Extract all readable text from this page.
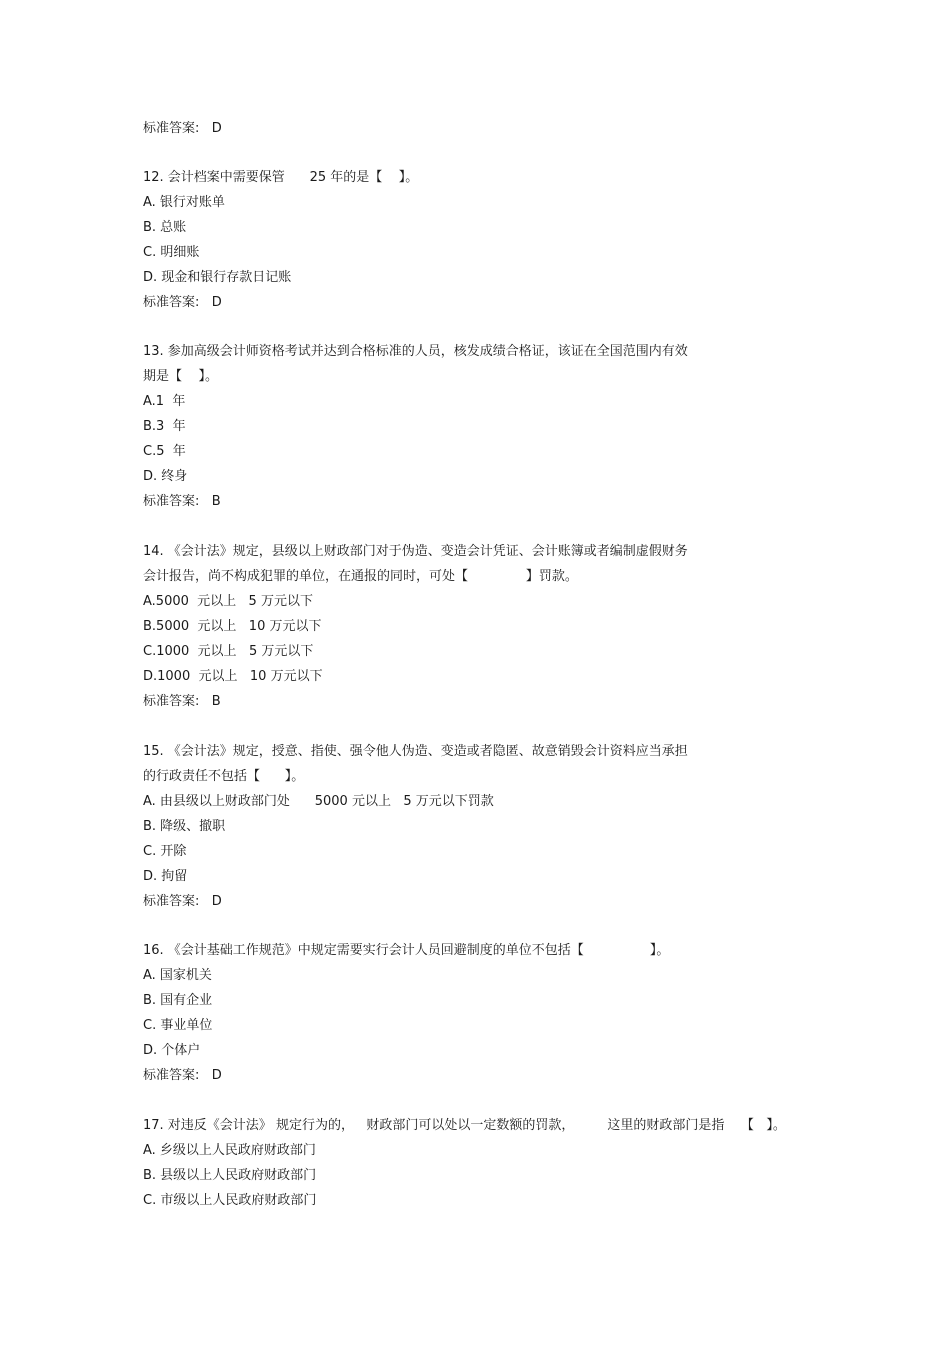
标准答案:   D
12. 会计档案中需要保管      25 年的是【    】。
A. 银行对账单
B. 总账
C. 明细账
D. 现金和银行存款日记账
标准答案:   D
13. 参加高级会计师资格考试并达到合格标准的人员，核发成绩合格证，该证在全国范围内有效
期是【    】。
A.1  年
B.3  年
C.5  年
D. 终身
标准答案:   B
14. 《会计法》规定，县级以上财政部门对于伪造、变造会计凭证、会计账簿或者编制虚假财务
会计报告，尚不构成犯罪的单位，在通报的同时，可处【              】罚款。
A.5000  元以上   5 万元以下
B.5000  元以上   10 万元以下
C.1000  元以上   5 万元以下
D.1000  元以上   10 万元以下
标准答案:   B
15. 《会计法》规定，授意、指使、强令他人伪造、变造或者隐匿、故意销毁会计资料应当承担
的行政责任不包括【      】。
A. 由县级以上财政部门处      5000 元以上   5 万元以下罚款
B. 降级、撤职
C. 开除
D. 拘留
标准答案:   D
16. 《会计基础工作规范》中规定需要实行会计人员回避制度的单位不包括【                】。
A. 国家机关
B. 国有企业
C. 事业单位
D. 个体户
标准答案:   D
17. 对违反《会计法》 规定行为的，   财政部门可以处以一定数额的罚款，        这里的财政部门是指    【   】。
A. 乡级以上人民政府财政部门
B. 县级以上人民政府财政部门
C. 市级以上人民政府财政部门
